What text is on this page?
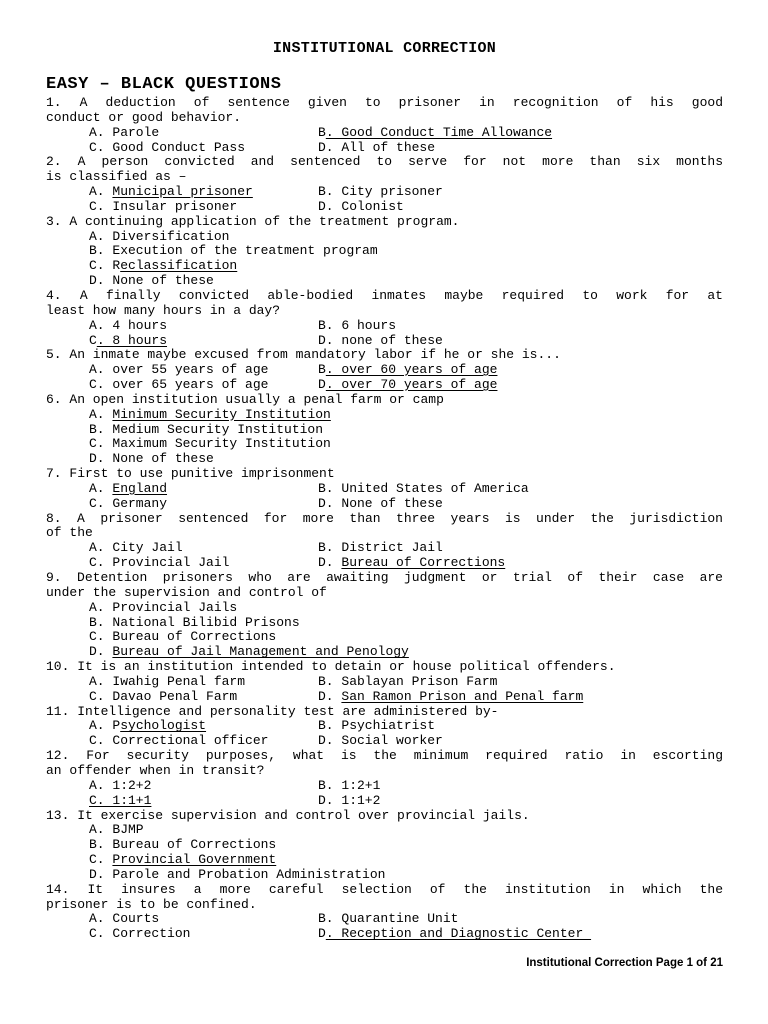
INSTITUTIONAL CORRECTION
EASY – BLACK QUESTIONS
1. A deduction of sentence given to prisoner in recognition of his good
conduct or good behavior.
A. Parole	B. Good Conduct Time Allowance
C. Good Conduct Pass	D. All of these
2. A person convicted and sentenced to serve for not more than six months
is classified as –
A. Municipal prisoner	B. City prisoner
C. Insular prisoner	D. Colonist
3. A continuing application of the treatment program.
A. Diversification
B. Execution of the treatment program
C. Reclassification
D. None of these
4. A finally convicted able-bodied inmates maybe required to work for at
least how many hours in a day?
A. 4 hours	B. 6 hours
C. 8 hours	D. none of these
5. An inmate maybe excused from mandatory labor if he or she is...
A. over 55 years of age	B. over 60 years of age
C. over 65 years of age	D. over 70 years of age
6. An open institution usually a penal farm or camp
A. Minimum Security Institution
B. Medium Security Institution
C. Maximum Security Institution
D. None of these
7. First to use punitive imprisonment
A. England	B. United States of America
C. Germany	D. None of these
8. A prisoner sentenced for more than three years is under the jurisdiction
of the
A. City Jail	B. District Jail
C. Provincial Jail	D. Bureau of Corrections
9. Detention prisoners who are awaiting judgment or trial of their case are
under the supervision and control of
A. Provincial Jails
B. National Bilibid Prisons
C. Bureau of Corrections
D. Bureau of Jail Management and Penology
10. It is an institution intended to detain or house political offenders.
A. Iwahig Penal farm	B. Sablayan Prison Farm
C. Davao Penal Farm	D. San Ramon Prison and Penal farm
11. Intelligence and personality test are administered by-
A. Psychologist	B. Psychiatrist
C. Correctional officer	D. Social worker
12. For security purposes, what is the minimum required ratio in escorting
an offender when in transit?
A. 1:2+2	B. 1:2+1
C. 1:1+1	D. 1:1+2
13. It exercise supervision and control over provincial jails.
A. BJMP
B. Bureau of Corrections
C. Provincial Government
D. Parole and Probation Administration
14. It insures a more careful selection of the institution in which the
prisoner is to be confined.
A. Courts	B. Quarantine Unit
C. Correction	D. Reception and Diagnostic Center
Institutional Correction Page 1 of 21
